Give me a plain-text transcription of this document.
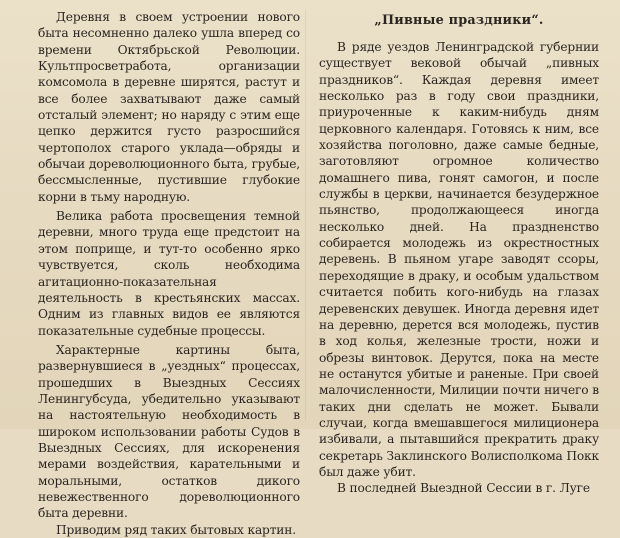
Деревня в своем устроении нового быта несомненно далеко ушла вперед со времени Октябрьской Революции. Культпросветработа, организации комсомола в деревне ширятся, растут и все более захватывают даже самый отсталый элемент; но наряду с этим еще цепко держится густо разросшийся чертополох старого уклада—обряды и обычаи дореволюционного быта, грубые, бессмысленные, пустившие глубокие корни в тьму народную.

Велика работа просвещения темной деревни, много труда еще предстоит на этом поприще, и тут-то особенно ярко чувствуется, сколь необходима агитационно-показательная деятельность в крестьянских массах. Одним из главных видов ее являются показательные судебные процессы.

Характерные картины быта, развернувшиеся в „уездных“ процессах, прошедших в Выездных Сессиях Ленингубсуда, убедительно указывают на настоятельную необходимость в широком использовании работы Судов в Выездных Сессиях, для искоренения мерами воздействия, карательными и моральными, остатков дикого невежественного дореволюционного быта деревни.

Приводим ряд таких бытовых картин.

„Пивные праздники“.

В ряде уездов Ленинградской губернии существует вековой обычай „пивных праздников“. Каждая деревня имеет несколько раз в году свои праздники, приуроченные к каким-нибудь дням церковного календаря. Готовясь к ним, все хозяйства поголовно, даже самые бедные, заготовляют огромное количество домашнего пива, гонят самогон, и после службы в церкви, начинается безудержное пьянство, продолжающееся иногда несколько дней. На праздненство собирается молодежь из окрестностных деревень. В пьяном угаре заводят ссоры, переходящие в драку, и особым удальством считается побить кого-нибудь на глазах деревенских девушек. Иногда деревня идет на деревню, дерется вся молодежь, пустив в ход колья, железные трости, ножи и обрезы винтовок. Дерутся, пока на месте не останутся убитые и раненые. При своей малочисленности, Милиции почти ничего в таких дни сделать не может. Бывали случаи, когда вмешавшегося милиционера избивали, а пытавшийся прекратить драку секретарь Заклинского Волисполкома Покк был даже убит.

В последней Выездной Сессии в г. Луге
